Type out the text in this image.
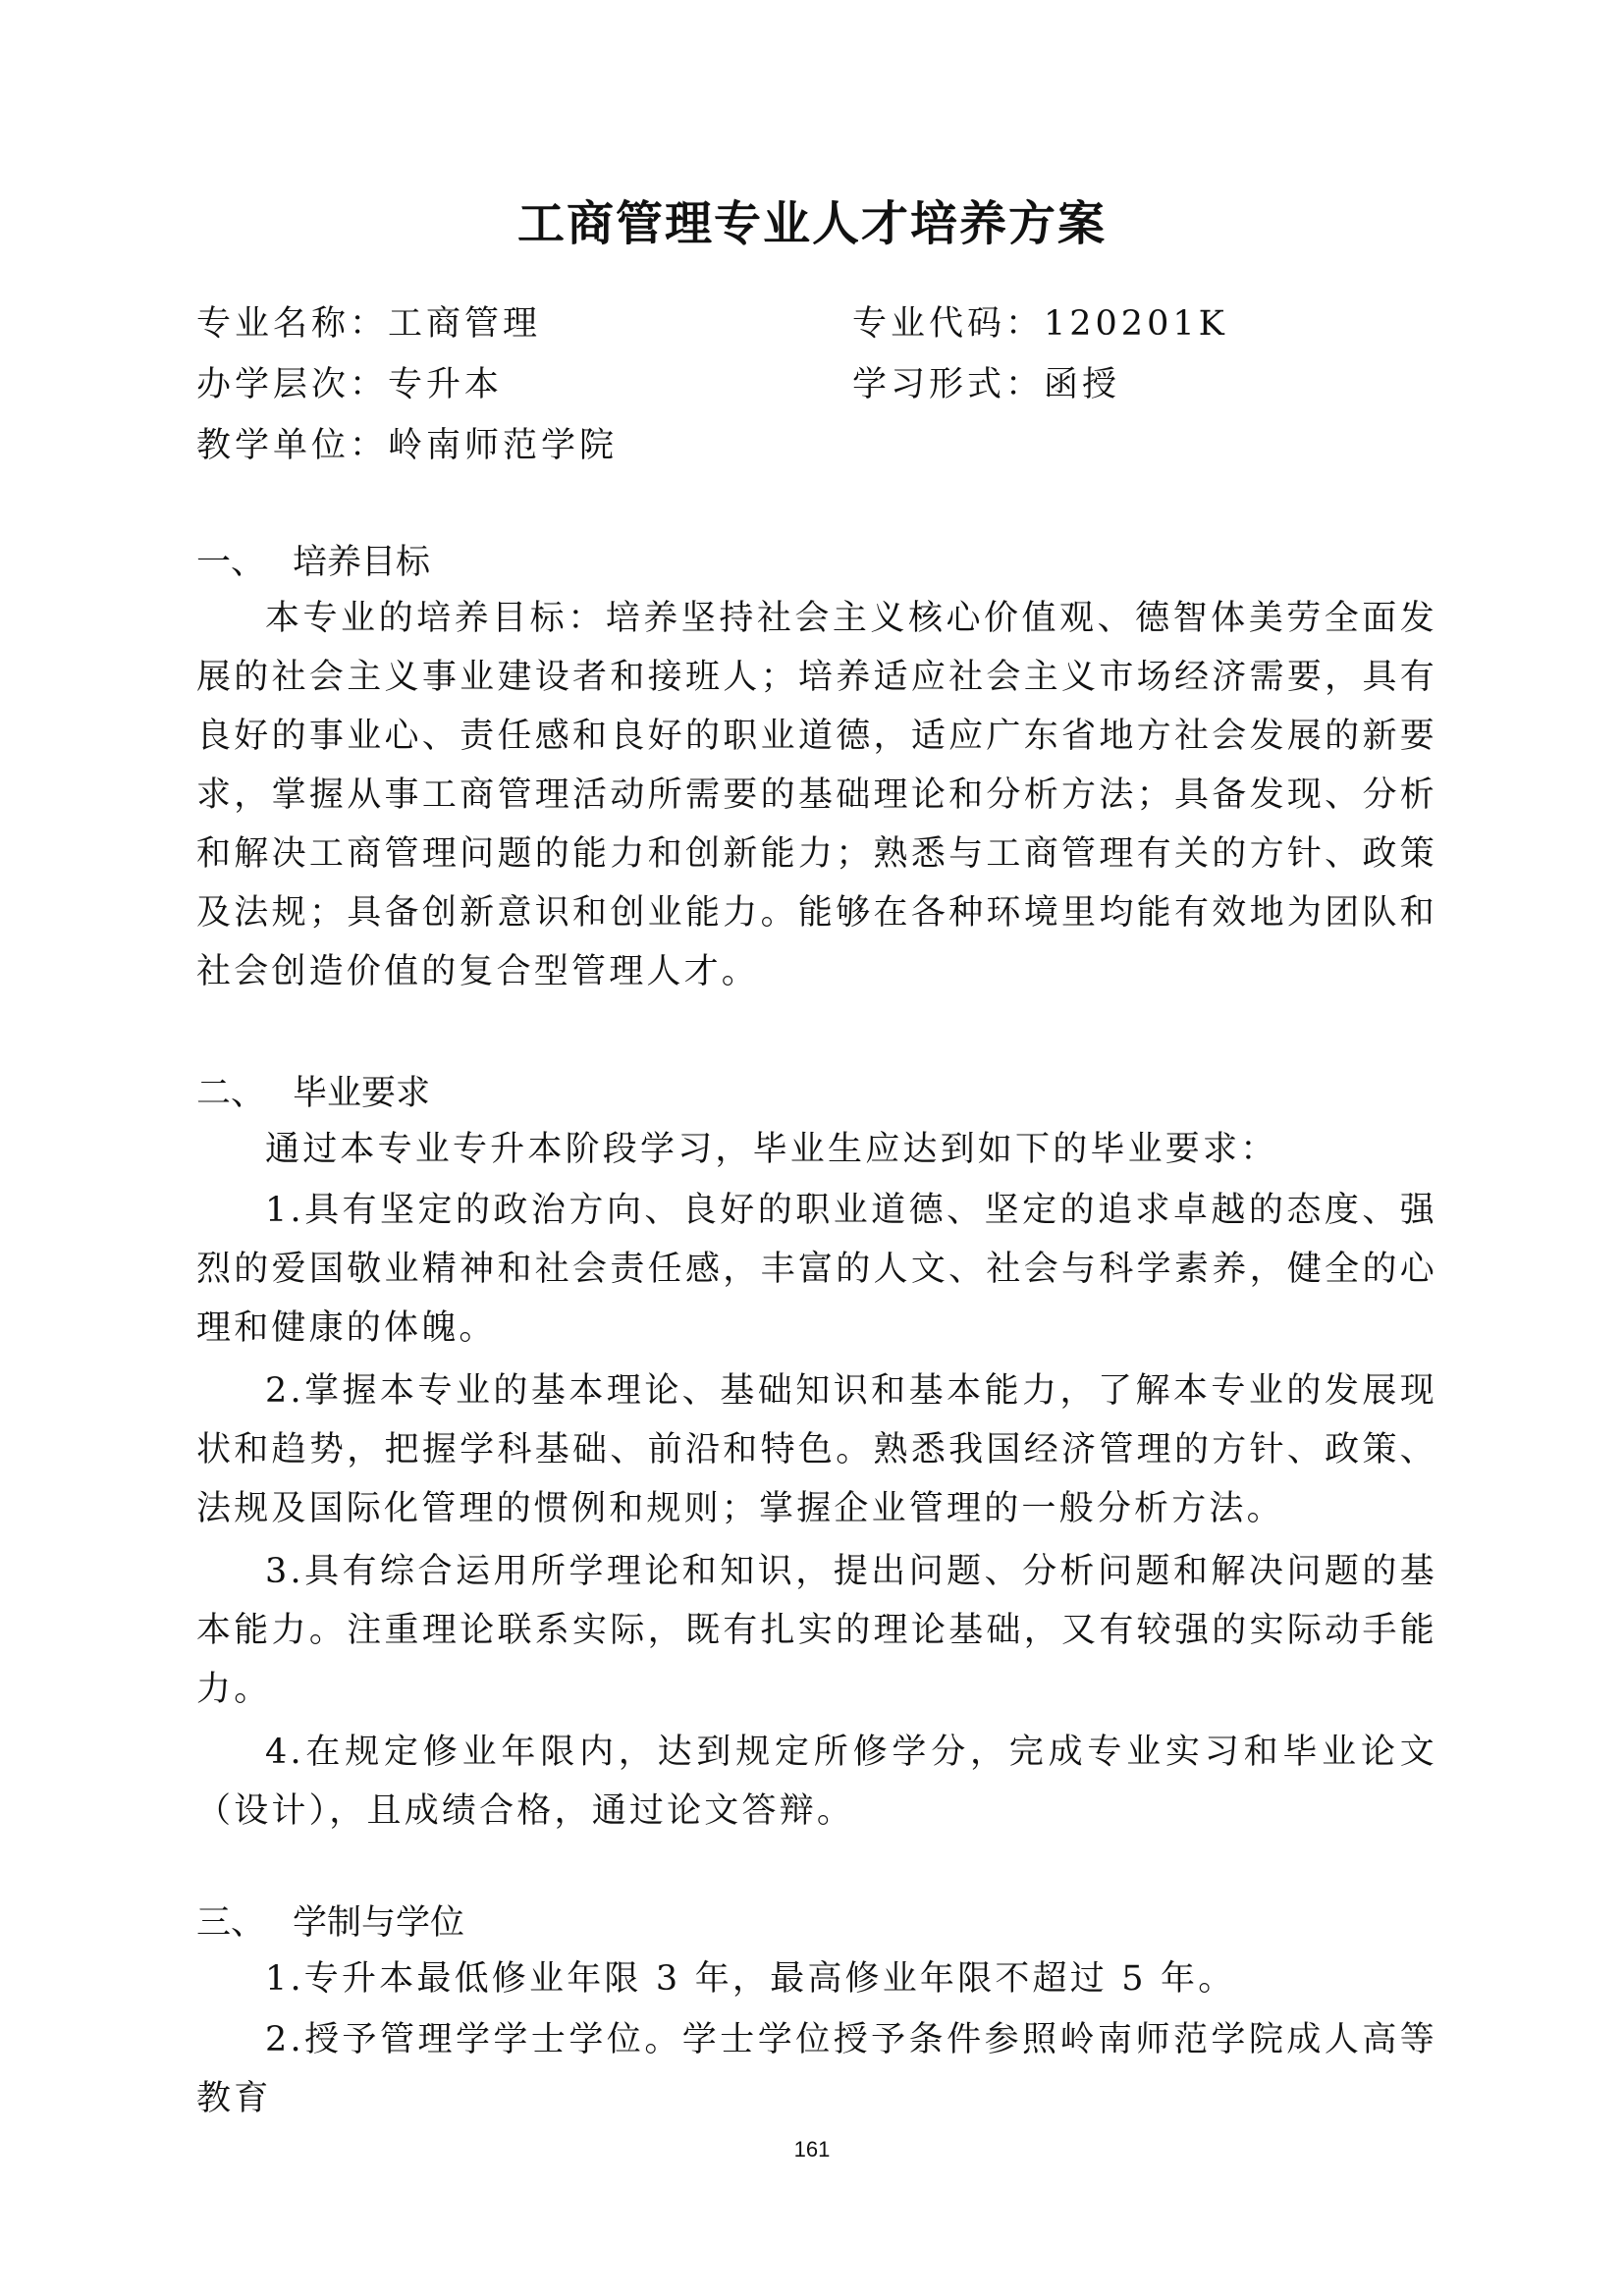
工商管理专业人才培养方案
专业名称：工商管理	专业代码：120201K
办学层次：专升本	学习形式：函授
教学单位：岭南师范学院
一、 培养目标

本专业的培养目标：培养坚持社会主义核心价值观、德智体美劳全面发展的社会主义事业建设者和接班人；培养适应社会主义市场经济需要，具有良好的事业心、责任感和良好的职业道德，适应广东省地方社会发展的新要求，掌握从事工商管理活动所需要的基础理论和分析方法；具备发现、分析和解决工商管理问题的能力和创新能力；熟悉与工商管理有关的方针、政策及法规；具备创新意识和创业能力。能够在各种环境里均能有效地为团队和社会创造价值的复合型管理人才。

二、 毕业要求

通过本专业专升本阶段学习，毕业生应达到如下的毕业要求：

1.具有坚定的政治方向、良好的职业道德、坚定的追求卓越的态度、强烈的爱国敬业精神和社会责任感，丰富的人文、社会与科学素养，健全的心理和健康的体魄。

2.掌握本专业的基本理论、基础知识和基本能力，了解本专业的发展现状和趋势，把握学科基础、前沿和特色。熟悉我国经济管理的方针、政策、法规及国际化管理的惯例和规则；掌握企业管理的一般分析方法。

3.具有综合运用所学理论和知识，提出问题、分析问题和解决问题的基本能力。注重理论联系实际，既有扎实的理论基础，又有较强的实际动手能力。

4.在规定修业年限内，达到规定所修学分，完成专业实习和毕业论文（设计），且成绩合格，通过论文答辩。

三、 学制与学位

1.专升本最低修业年限 3 年，最高修业年限不超过 5 年。

2.授予管理学学士学位。学士学位授予条件参照岭南师范学院成人高等教育

161
